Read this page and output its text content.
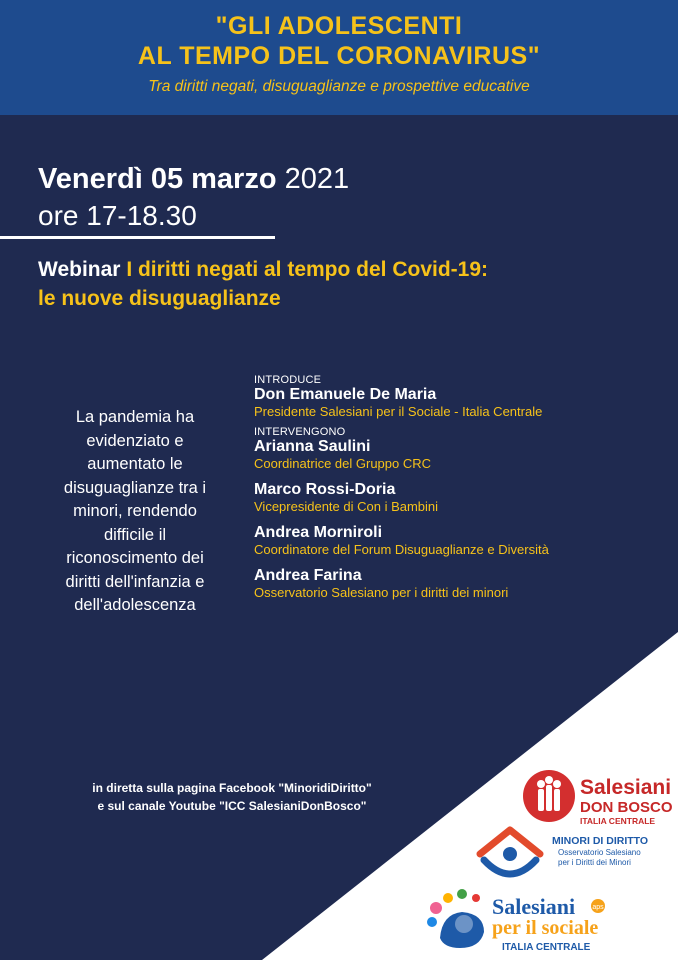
"GLI ADOLESCENTI
AL TEMPO DEL CORONAVIRUS"
Tra diritti negati, disuguaglianze e prospettive educative
Venerdì 05 marzo 2021
ore 17-18.30
Webinar I diritti negati al tempo del Covid-19:
le nuove disuguaglianze
La pandemia ha
evidenziato e
aumentato le
disuguaglianze tra i
minori, rendendo
difficile il
riconoscimento dei
diritti dell'infanzia e
dell'adolescenza
INTRODUCE
Don Emanuele De Maria
Presidente Salesiani per il Sociale - Italia Centrale
INTERVENGONO
Arianna Saulini
Coordinatrice del Gruppo CRC
Marco Rossi-Doria
Vicepresidente di Con i Bambini
Andrea Morniroli
Coordinatore del Forum Disuguaglianze e Diversità
Andrea Farina
Osservatorio Salesiano per i diritti dei minori
in diretta sulla pagina Facebook "MinoridiDiritto"
e sul canale Youtube "ICC SalesianiDonBosco"
Salesiani
DON BOSCO
ITALIA CENTRALE
MINORI DI DIRITTO
Osservatorio Salesiano
per i Diritti dei Minori
Salesiani aps
per il sociale
ITALIA CENTRALE
